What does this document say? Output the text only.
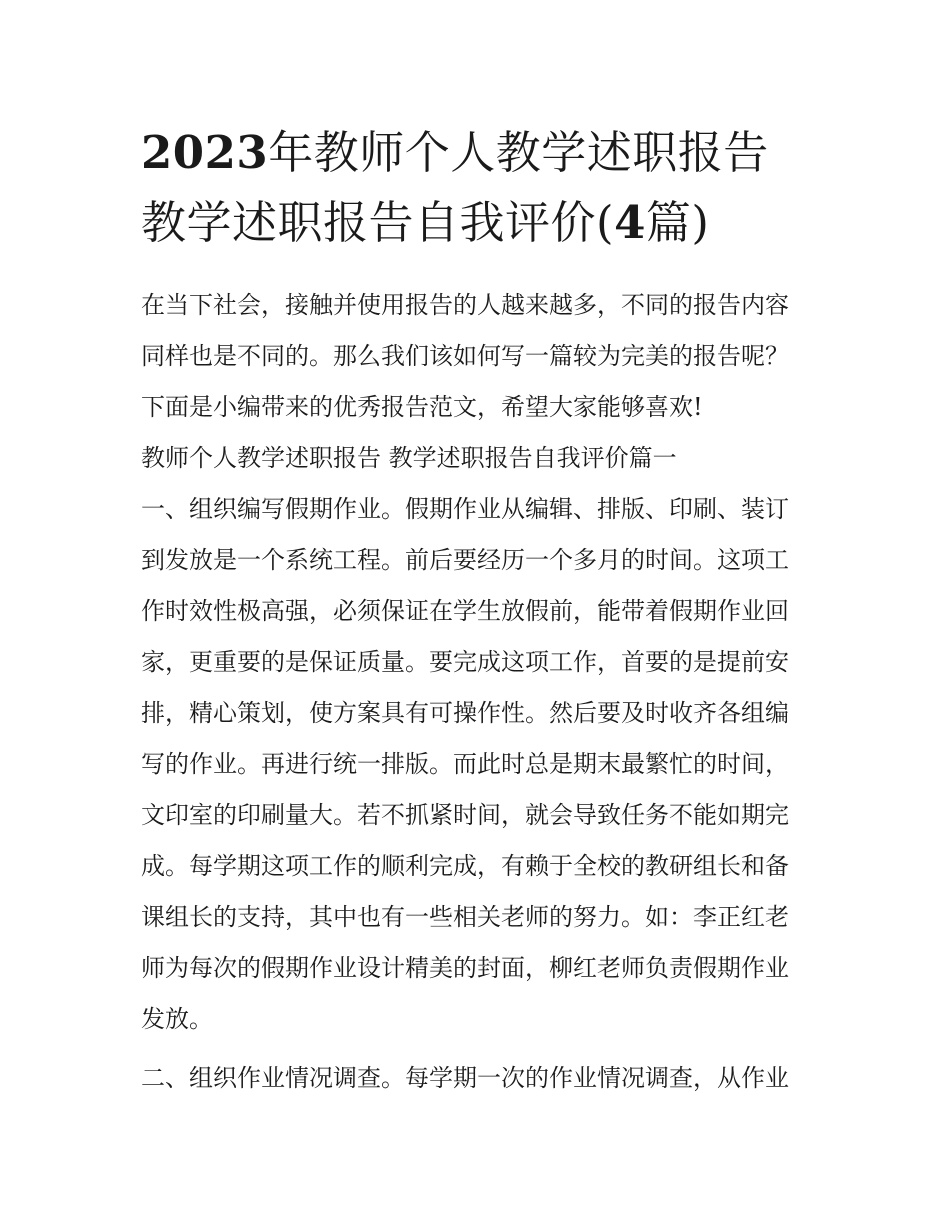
2023年教师个人教学述职报告
教学述职报告自我评价(4篇)
在当下社会，接触并使用报告的人越来越多，不同的报告内容
同样也是不同的。那么我们该如何写一篇较为完美的报告呢？
下面是小编带来的优秀报告范文，希望大家能够喜欢!
教师个人教学述职报告 教学述职报告自我评价篇一
一、组织编写假期作业。假期作业从编辑、排版、印刷、装订
到发放是一个系统工程。前后要经历一个多月的时间。这项工
作时效性极高强，必须保证在学生放假前，能带着假期作业回
家，更重要的是保证质量。要完成这项工作，首要的是提前安
排，精心策划，使方案具有可操作性。然后要及时收齐各组编
写的作业。再进行统一排版。而此时总是期末最繁忙的时间，
文印室的印刷量大。若不抓紧时间，就会导致任务不能如期完
成。每学期这项工作的顺利完成，有赖于全校的教研组长和备
课组长的支持，其中也有一些相关老师的努力。如：李正红老
师为每次的假期作业设计精美的封面，柳红老师负责假期作业
发放。
二、组织作业情况调查。每学期一次的作业情况调查，从作业
